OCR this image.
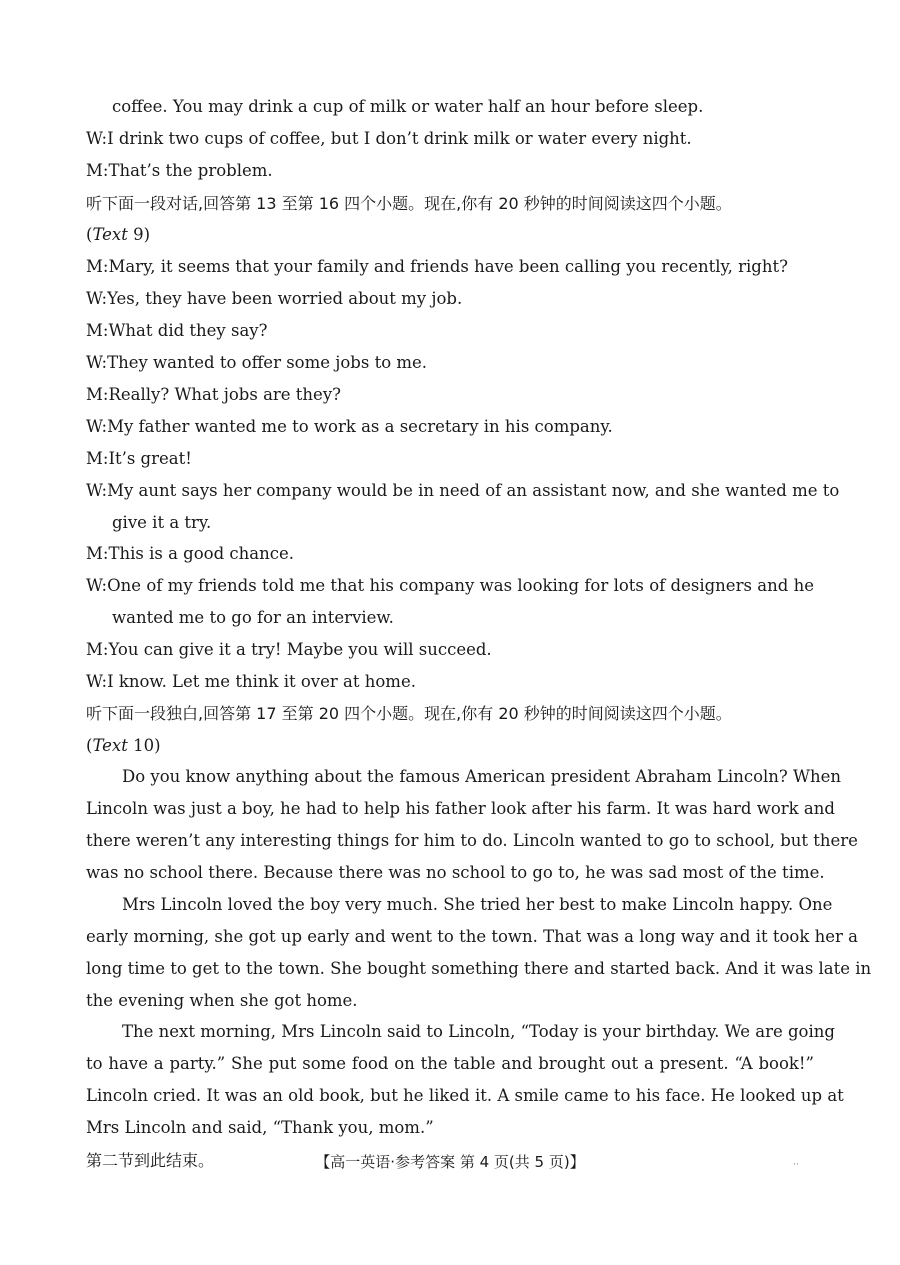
coffee. You may drink a cup of milk or water half an hour before sleep.
W:I drink two cups of coffee, but I don’t drink milk or water every night.
M:That’s the problem.
听下面一段对话,回答第 13 至第 16 四个小题。现在,你有 20 秒钟的时间阅读这四个小题。
(Text 9)
M:Mary, it seems that your family and friends have been calling you recently, right?
W:Yes, they have been worried about my job.
M:What did they say?
W:They wanted to offer some jobs to me.
M:Really? What jobs are they?
W:My father wanted me to work as a secretary in his company.
M:It’s great!
W:My aunt says her company would be in need of an assistant now, and she wanted me to
give it a try.
M:This is a good chance.
W:One of my friends told me that his company was looking for lots of designers and he
wanted me to go for an interview.
M:You can give it a try! Maybe you will succeed.
W:I know. Let me think it over at home.
听下面一段独白,回答第 17 至第 20 四个小题。现在,你有 20 秒钟的时间阅读这四个小题。
(Text 10)
Do you know anything about the famous American president Abraham Lincoln? When
Lincoln was just a boy, he had to help his father look after his farm. It was hard work and
there weren’t any interesting things for him to do. Lincoln wanted to go to school, but there
was no school there. Because there was no school to go to, he was sad most of the time.
Mrs Lincoln loved the boy very much. She tried her best to make Lincoln happy. One
early morning, she got up early and went to the town. That was a long way and it took her a
long time to get to the town. She bought something there and started back. And it was late in
the evening when she got home.
The next morning, Mrs Lincoln said to Lincoln, “Today is your birthday. We are going
to have a party.” She put some food on the table and brought out a present. “A book!”
Lincoln cried. It was an old book, but he liked it. A smile came to his face. He looked up at
Mrs Lincoln and said, “Thank you, mom.”
第二节到此结束。	【高一英语·参考答案 第 4 页(共 5 页)】	··
